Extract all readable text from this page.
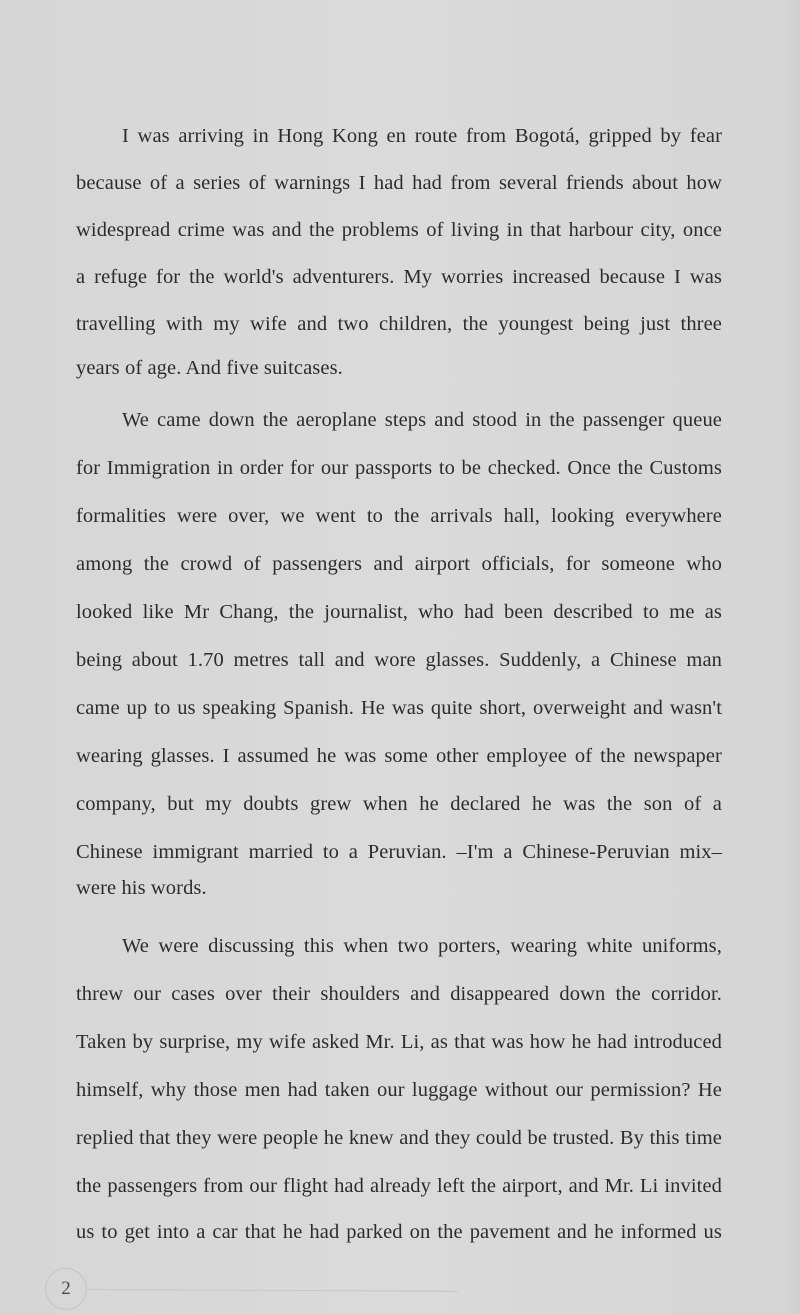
I was arriving in Hong Kong en route from Bogotá, gripped by fear
because of a series of warnings I had had from several friends about how
widespread crime was and the problems of living in that harbour city, once
a refuge for the world's adventurers. My worries increased because I was
travelling with my wife and two children, the youngest being just three
years of age. And five suitcases.
We came down the aeroplane steps and stood in the passenger queue
for Immigration in order for our passports to be checked. Once the Customs
formalities were over, we went to the arrivals hall, looking everywhere
among the crowd of passengers and airport officials, for someone who
looked like Mr Chang, the journalist, who had been described to me as
being about 1.70 metres tall and wore glasses. Suddenly, a Chinese man
came up to us speaking Spanish. He was quite short, overweight and wasn't
wearing glasses. I assumed he was some other employee of the newspaper
company, but my doubts grew when he declared he was the son of a
Chinese immigrant married to a Peruvian. –I'm a Chinese-Peruvian mix–
were his words.
We were discussing this when two porters, wearing white uniforms,
threw our cases over their shoulders and disappeared down the corridor.
Taken by surprise, my wife asked Mr. Li, as that was how he had introduced
himself, why those men had taken our luggage without our permission? He
replied that they were people he knew and they could be trusted. By this time
the passengers from our flight had already left the airport, and Mr. Li invited
us to get into a car that he had parked on the pavement and he informed us
2
